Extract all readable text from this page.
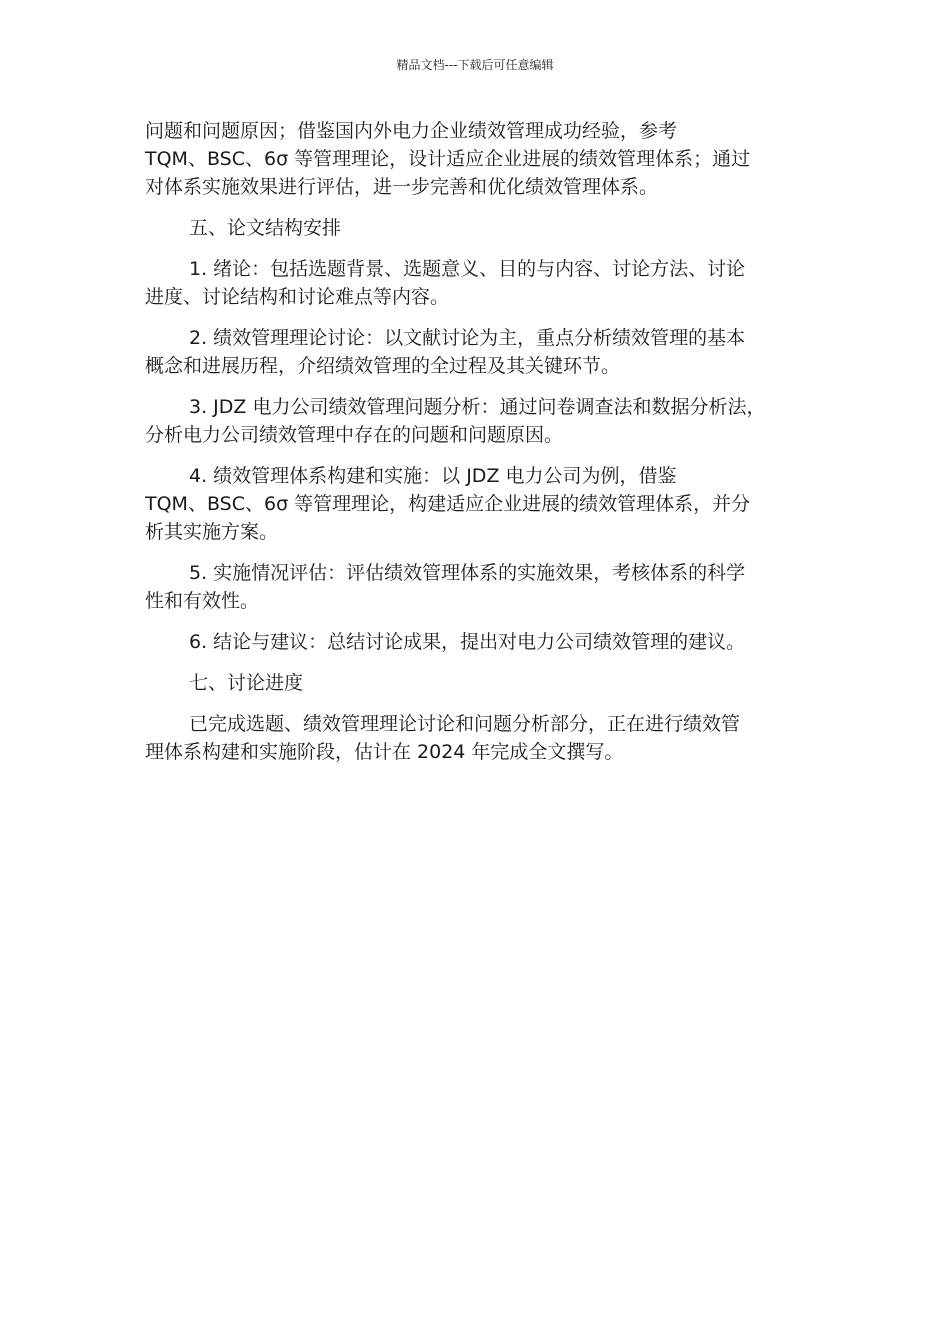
精品文档---下载后可任意编辑

问题和问题原因；借鉴国内外电力企业绩效管理成功经验，参考
TQM、BSC、6σ 等管理理论，设计适应企业进展的绩效管理体系；通过
对体系实施效果进行评估，进一步完善和优化绩效管理体系。

五、论文结构安排

1. 绪论：包括选题背景、选题意义、目的与内容、讨论方法、讨论
进度、讨论结构和讨论难点等内容。

2. 绩效管理理论讨论：以文献讨论为主，重点分析绩效管理的基本
概念和进展历程，介绍绩效管理的全过程及其关键环节。

3. JDZ 电力公司绩效管理问题分析：通过问卷调查法和数据分析法，
分析电力公司绩效管理中存在的问题和问题原因。

4. 绩效管理体系构建和实施：以 JDZ 电力公司为例，借鉴
TQM、BSC、6σ 等管理理论，构建适应企业进展的绩效管理体系，并分
析其实施方案。

5. 实施情况评估：评估绩效管理体系的实施效果，考核体系的科学
性和有效性。

6. 结论与建议：总结讨论成果，提出对电力公司绩效管理的建议。

七、讨论进度

已完成选题、绩效管理理论讨论和问题分析部分，正在进行绩效管
理体系构建和实施阶段，估计在 2024 年完成全文撰写。
